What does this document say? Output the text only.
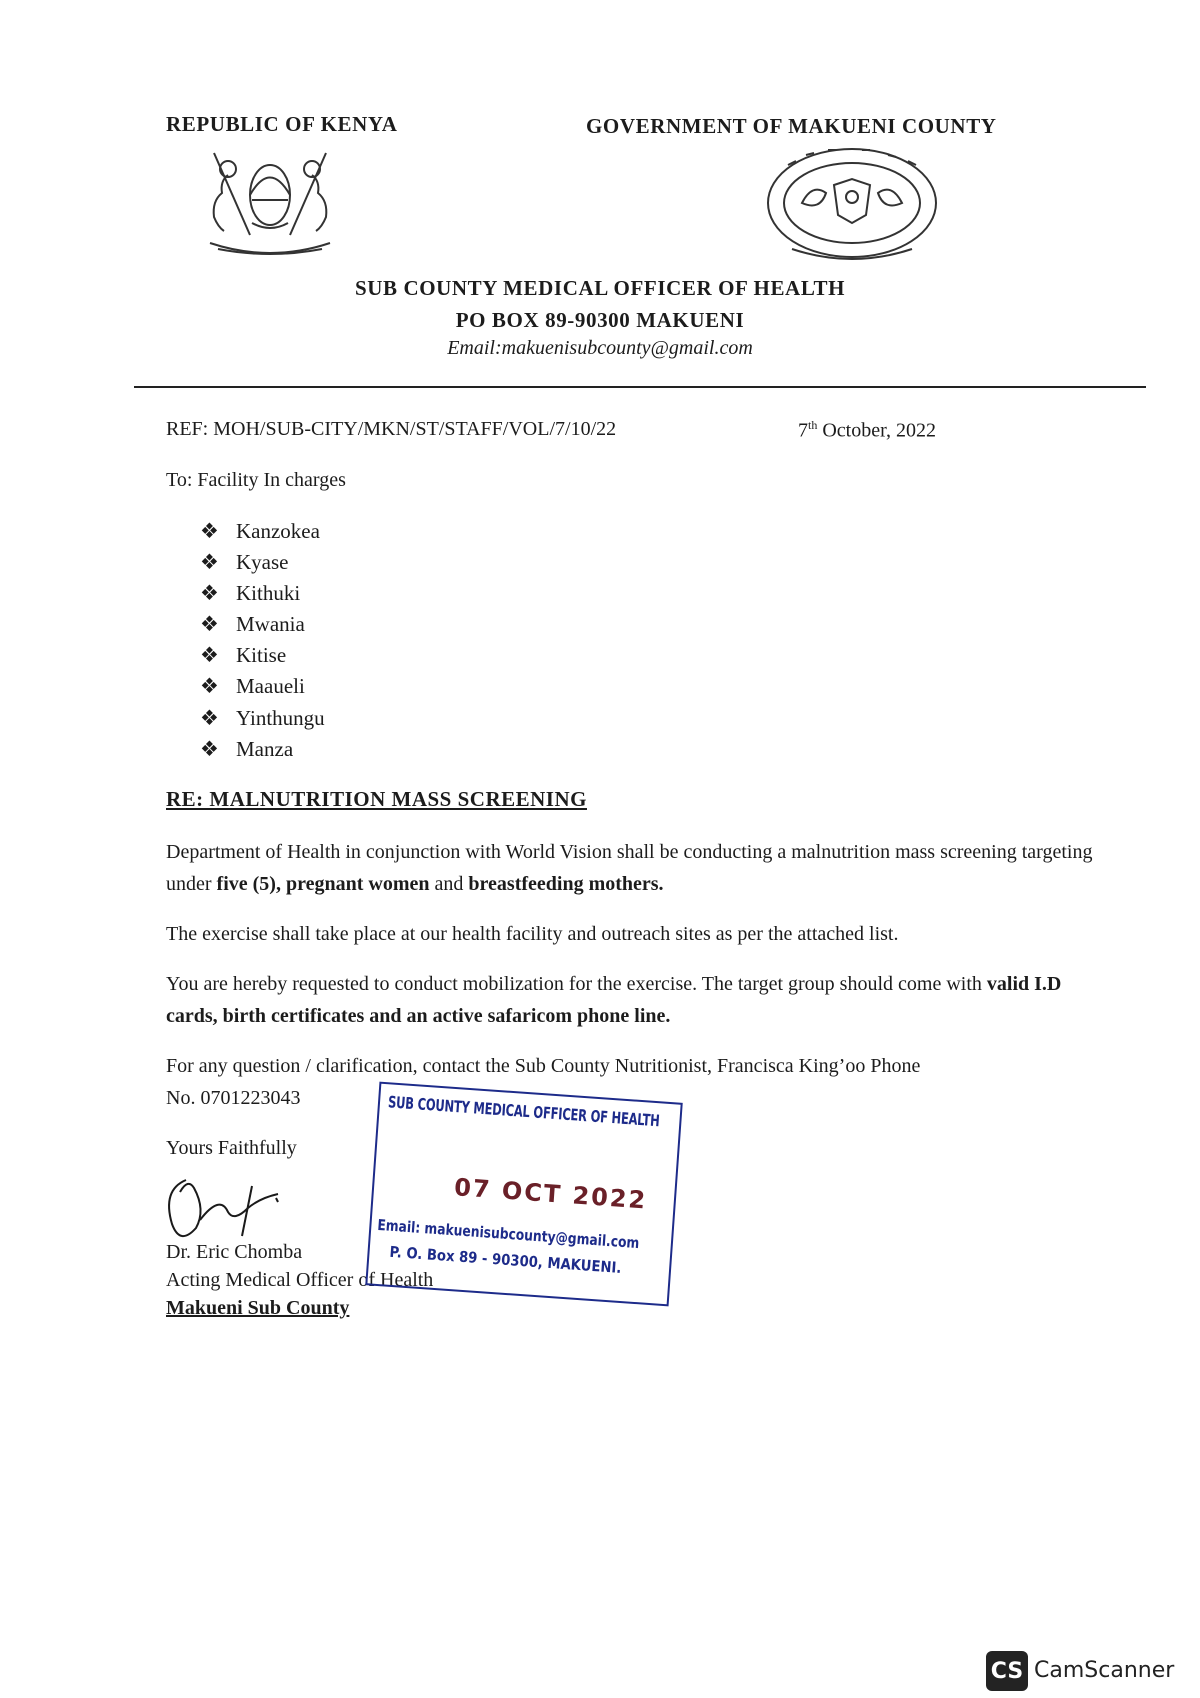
REPUBLIC OF KENYA	GOVERNMENT OF MAKUENI COUNTY
SUB COUNTY MEDICAL OFFICER OF HEALTH
PO BOX 89-90300 MAKUENI
Email:makuenisubcounty@gmail.com
REF: MOH/SUB-CITY/MKN/ST/STAFF/VOL/7/10/22	7th October, 2022
To: Facility In charges
❖ Kanzokea
❖ Kyase
❖ Kithuki
❖ Mwania
❖ Kitise
❖ Maaueli
❖ Yinthungu
❖ Manza
RE: MALNUTRITION MASS SCREENING
Department of Health in conjunction with World Vision shall be conducting a malnutrition mass screening targeting under five (5), pregnant women and breastfeeding mothers.
The exercise shall take place at our health facility and outreach sites as per the attached list.
You are hereby requested to conduct mobilization for the exercise. The target group should come with valid I.D cards, birth certificates and an active safaricom phone line.
For any question / clarification, contact the Sub County Nutritionist, Francisca King’oo Phone
No. 0701223043
Yours Faithfully
Dr. Eric Chomba
Acting Medical Officer of Health
Makueni Sub County
SUB COUNTY MEDICAL OFFICER OF HEALTH
07 OCT 2022
Email: makuenisubcounty@gmail.com
P. O. Box 89 - 90300, MAKUENI.
CS CamScanner
